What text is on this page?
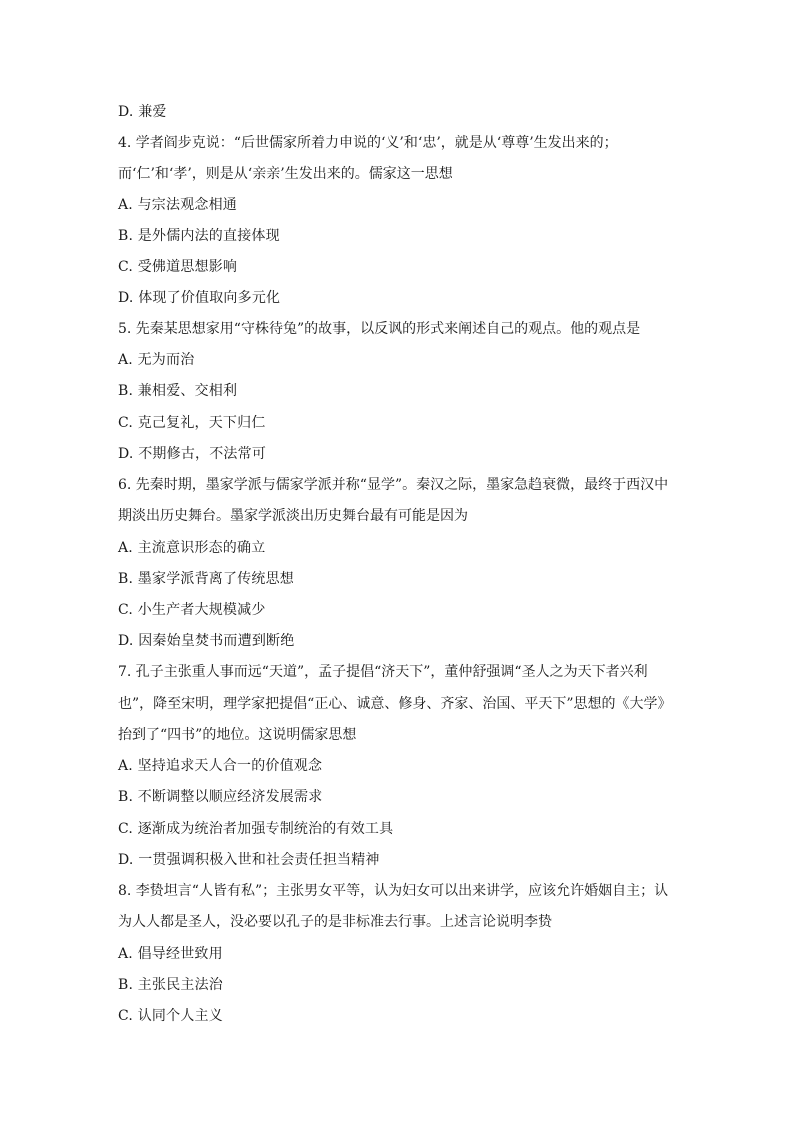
D. 兼爱
4. 学者阎步克说：“后世儒家所着力申说的‘义’和‘忠’，就是从‘尊尊’生发出来的；
而‘仁’和‘孝’，则是从‘亲亲’生发出来的。儒家这一思想
A. 与宗法观念相通
B. 是外儒内法的直接体现
C. 受佛道思想影响
D. 体现了价值取向多元化
5. 先秦某思想家用“守株待兔”的故事，以反讽的形式来阐述自己的观点。他的观点是
A. 无为而治
B. 兼相爱、交相利
C. 克己复礼，天下归仁
D. 不期修古，不法常可
6. 先秦时期，墨家学派与儒家学派并称“显学”。秦汉之际，墨家急趋衰微，最终于西汉中
期淡出历史舞台。墨家学派淡出历史舞台最有可能是因为
A. 主流意识形态的确立
B. 墨家学派背离了传统思想
C. 小生产者大规模减少
D. 因秦始皇焚书而遭到断绝
7. 孔子主张重人事而远“天道”，孟子提倡“济天下”，董仲舒强调“圣人之为天下者兴利
也”，降至宋明，理学家把提倡“正心、诚意、修身、齐家、治国、平天下”思想的《大学》
抬到了“四书”的地位。这说明儒家思想
A. 坚持追求天人合一的价值观念
B. 不断调整以顺应经济发展需求
C. 逐渐成为统治者加强专制统治的有效工具
D. 一贯强调积极入世和社会责任担当精神
8. 李贽坦言“人皆有私”；主张男女平等，认为妇女可以出来讲学，应该允许婚姻自主；认
为人人都是圣人，没必要以孔子的是非标准去行事。上述言论说明李贽
A. 倡导经世致用
B. 主张民主法治
C. 认同个人主义
